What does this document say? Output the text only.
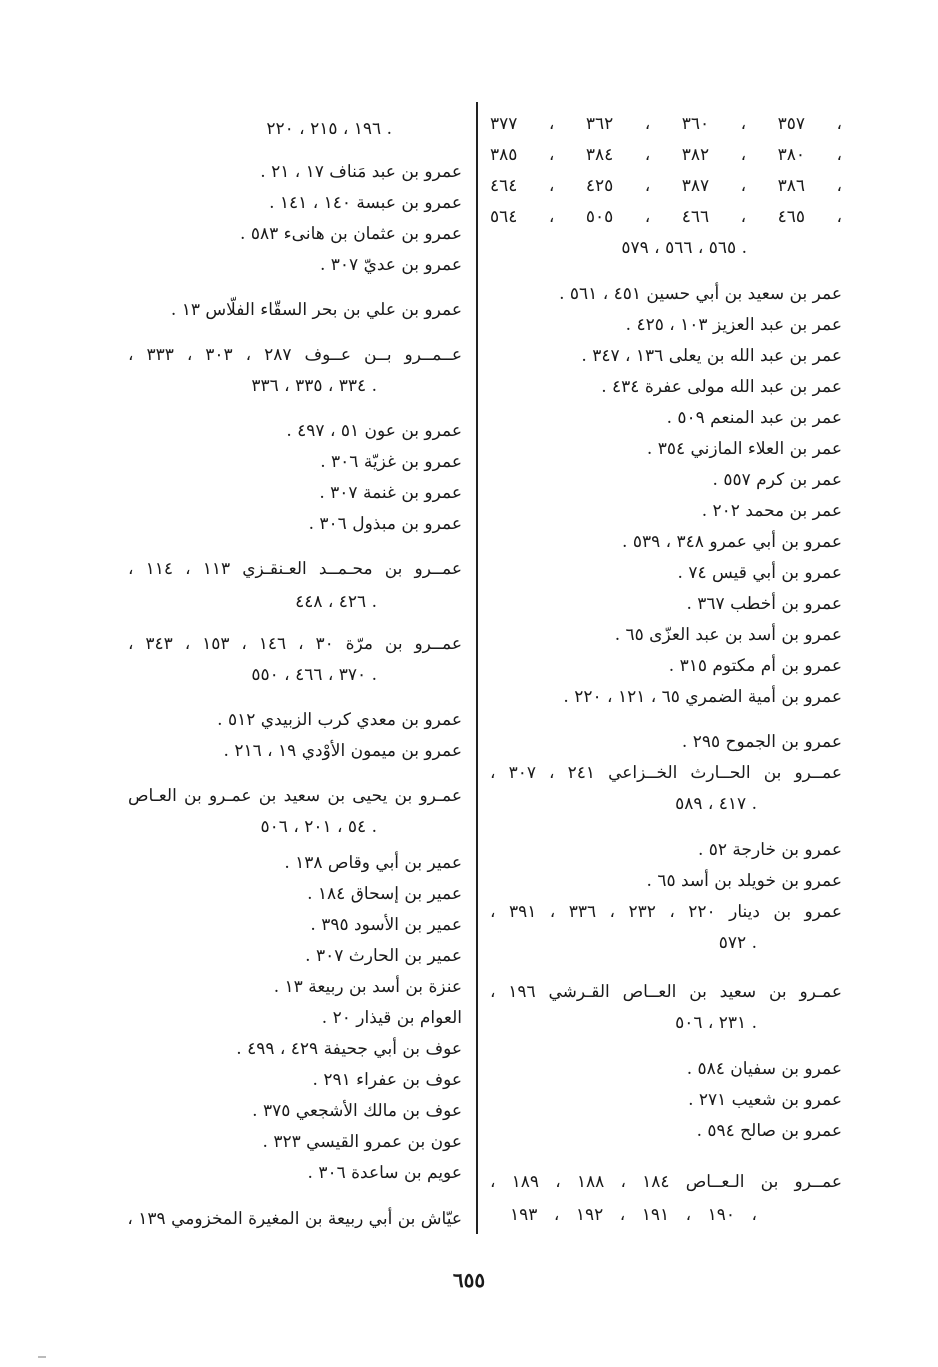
٣٥٧ ، ٣٦٠ ، ٣٦٢ ، ٣٧٧ ،
٣٨٠ ، ٣٨٢ ، ٣٨٤ ، ٣٨٥ ،
٣٨٦ ، ٣٨٧ ، ٤٢٥ ، ٤٦٤ ،
٤٦٥ ، ٤٦٦ ، ٥٠٥ ، ٥٦٤ ،
٥٦٥ ، ٥٦٦ ، ٥٧٩ .
عمر بن سعيد بن أبي حسين ٤٥١ ، ٥٦١ .
عمر بن عبد العزيز ١٠٣ ، ٤٢٥ .
عمر بن عبد الله بن يعلى ١٣٦ ، ٣٤٧ .
عمر بن عبد الله مولى عفرة ٤٣٤ .
عمر بن عبد المنعم ٥٠٩ .
عمر بن العلاء المازني ٣٥٤ .
عمر بن كرم ٥٥٧ .
عمر بن محمد ٢٠٢ .
عمرو بن أبي عمرو ٣٤٨ ، ٥٣٩ .
عمرو بن أبي قيس ٧٤ .
عمرو بن أخطب ٣٦٧ .
عمرو بن أسد بن عبد العزّى ٦٥ .
عمرو بن أم مكتوم ٣١٥ .
عمرو بن أمية الضمري ٦٥ ، ١٢١ ، ٢٢٠ .
عمرو بن الجموح ٢٩٥ .
عمــرو بن الحــارث الخــزاعي ٢٤١ ، ٣٠٧ ،
٤١٧ ، ٥٨٩ .
عمرو بن خارجة ٥٢ .
عمرو بن خويلد بن أسد ٦٥ .
عمرو بن دينار ٢٢٠ ، ٢٣٢ ، ٣٣٦ ، ٣٩١ ،
٥٧٢ .
عمـرو بن سعيد بن العــاص القـرشي ١٩٦ ،
٢٣١ ، ٥٠٦ .
عمرو بن سفيان ٥٨٤ .
عمرو بن شعيب ٢٧١ .
عمرو بن صالح ٥٩٤ .
عمــرو بن الـعــاص ١٨٤ ، ١٨٨ ، ١٨٩ ،
١٩٠ ، ١٩١ ، ١٩٢ ، ١٩٣ ،
١٩٦ ، ٢١٥ ، ٢٢٠ .
عمرو بن عبد مَناف ١٧ ، ٢١ .
عمرو بن عبسة ١٤٠ ، ١٤١ .
عمرو بن عثمان بن هانىء ٥٨٣ .
عمرو بن عديّ ٣٠٧ .
عمرو بن علي بن بحر السقّاء الفلّاس ١٣ .
عــمــرو بــن عــوف ٢٨٧ ، ٣٠٣ ، ٣٣٣ ،
٣٣٤ ، ٣٣٥ ، ٣٣٦ .
عمرو بن عون ٥١ ، ٤٩٧ .
عمرو بن غزيّة ٣٠٦ .
عمرو بن غنمة ٣٠٧ .
عمرو بن مبذول ٣٠٦ .
عمــرو بن محـمــد العـنقـزي ١١٣ ، ١١٤ ،
٤٢٦ ، ٤٤٨ .
عمــرو بن مرّة ٣٠ ، ١٤٦ ، ١٥٣ ، ٣٤٣ ،
٣٧٠ ، ٤٦٦ ، ٥٥٠ .
عمرو بن معدي كرب الزبيدي ٥١٢ .
عمرو بن ميمون الأوْدي ١٩ ، ٢١٦ .
عمـرو بن يحيى بن سعيد بن عمـرو بن العـاص
٥٤ ، ٢٠١ ، ٥٠٦ .
عمير بن أبي وقاص ١٣٨ .
عمير بن إسحاق ١٨٤ .
عمير بن الأسود ٣٩٥ .
عمير بن الحارث ٣٠٧ .
عنزة بن أسد بن ربيعة ١٣ .
العوام بن قيذار ٢٠ .
عوف بن أبي جحيفة ٤٢٩ ، ٤٩٩ .
عوف بن عفراء ٢٩١ .
عوف بن مالك الأشجعي ٣٧٥ .
عون بن عمرو القيسي ٣٢٣ .
عويم بن ساعدة ٣٠٦ .
عيّاش بن أبي ربيعة بن المغيرة المخزومي ١٣٩ ،
٦٥٥
